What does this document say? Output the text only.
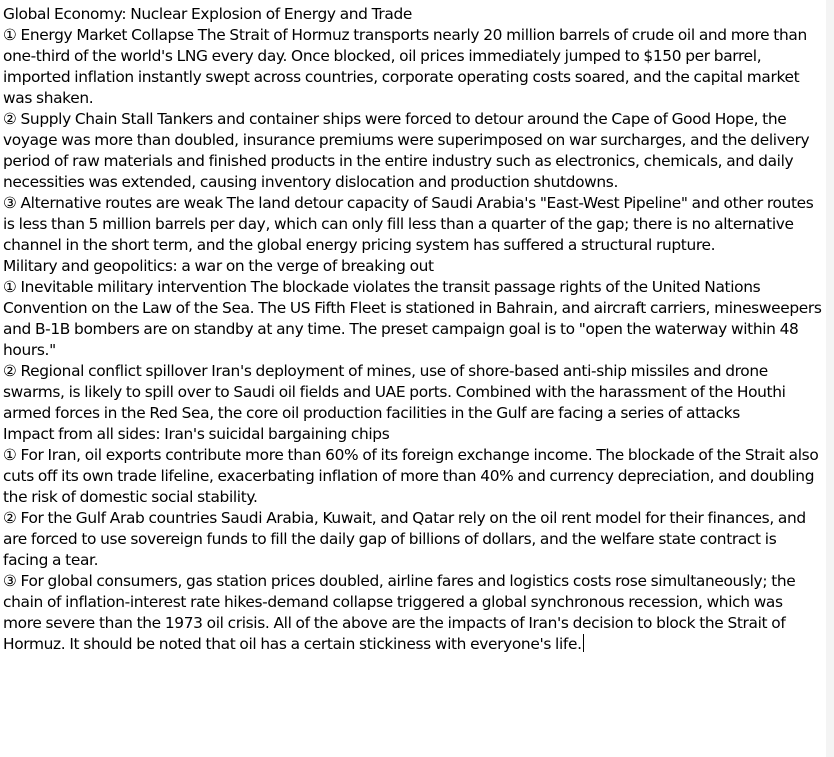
Global Economy: Nuclear Explosion of Energy and Trade

① Energy Market Collapse The Strait of Hormuz transports nearly 20 million barrels of crude oil and more than one-third of the world's LNG every day. Once blocked, oil prices immediately jumped to $150 per barrel, imported inflation instantly swept across countries, corporate operating costs soared, and the capital market was shaken.

② Supply Chain Stall Tankers and container ships were forced to detour around the Cape of Good Hope, the voyage was more than doubled, insurance premiums were superimposed on war surcharges, and the delivery period of raw materials and finished products in the entire industry such as electronics, chemicals, and daily necessities was extended, causing inventory dislocation and production shutdowns.

③ Alternative routes are weak The land detour capacity of Saudi Arabia's "East-West Pipeline" and other routes is less than 5 million barrels per day, which can only fill less than a quarter of the gap; there is no alternative channel in the short term, and the global energy pricing system has suffered a structural rupture.

Military and geopolitics: a war on the verge of breaking out

① Inevitable military intervention The blockade violates the transit passage rights of the United Nations Convention on the Law of the Sea. The US Fifth Fleet is stationed in Bahrain, and aircraft carriers, minesweepers and B-1B bombers are on standby at any time. The preset campaign goal is to "open the waterway within 48 hours."

② Regional conflict spillover Iran's deployment of mines, use of shore-based anti-ship missiles and drone swarms, is likely to spill over to Saudi oil fields and UAE ports. Combined with the harassment of the Houthi armed forces in the Red Sea, the core oil production facilities in the Gulf are facing a series of attacks

Impact from all sides: Iran's suicidal bargaining chips

① For Iran, oil exports contribute more than 60% of its foreign exchange income. The blockade of the Strait also cuts off its own trade lifeline, exacerbating inflation of more than 40% and currency depreciation, and doubling the risk of domestic social stability.

② For the Gulf Arab countries Saudi Arabia, Kuwait, and Qatar rely on the oil rent model for their finances, and are forced to use sovereign funds to fill the daily gap of billions of dollars, and the welfare state contract is facing a tear.

③ For global consumers, gas station prices doubled, airline fares and logistics costs rose simultaneously; the chain of inflation-interest rate hikes-demand collapse triggered a global synchronous recession, which was more severe than the 1973 oil crisis. All of the above are the impacts of Iran's decision to block the Strait of Hormuz. It should be noted that oil has a certain stickiness with everyone's life.
